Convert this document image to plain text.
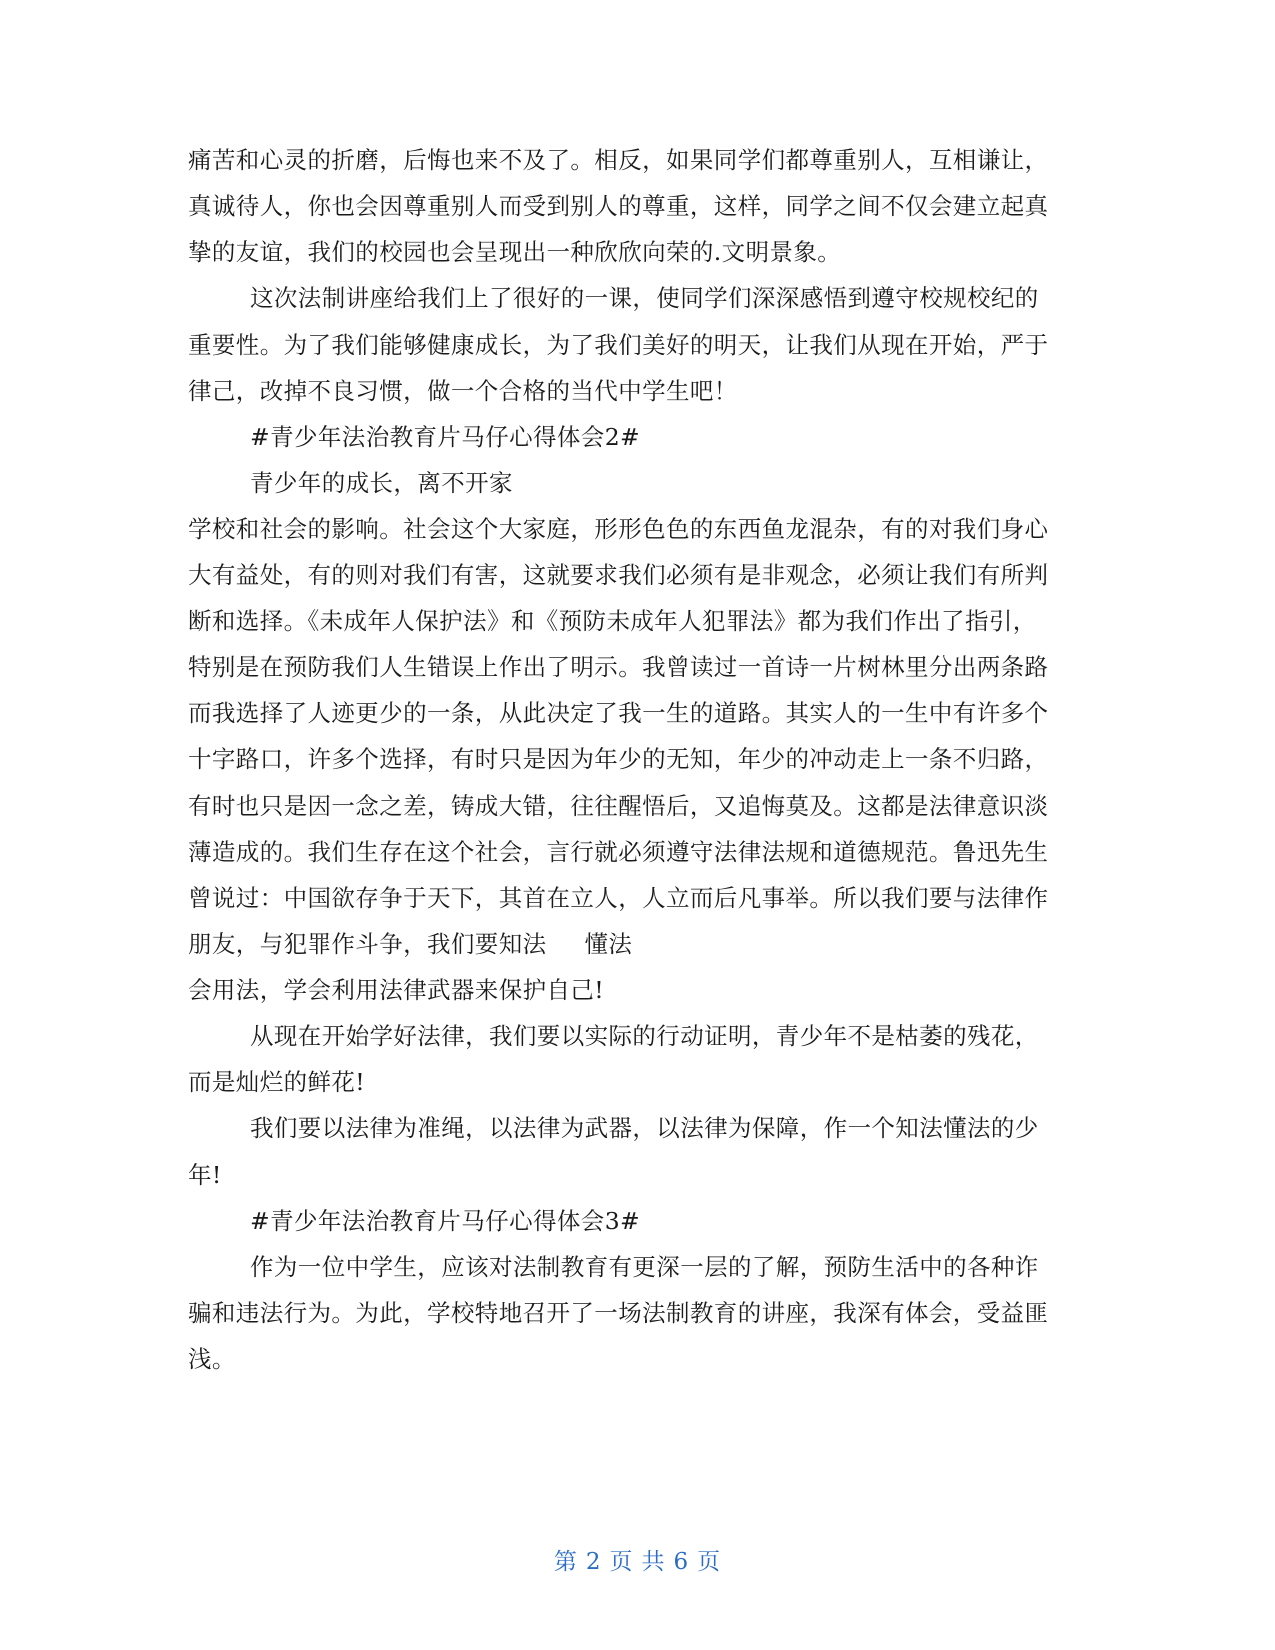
痛苦和心灵的折磨，后悔也来不及了。相反，如果同学们都尊重别人，互相谦让，
真诚待人，你也会因尊重别人而受到别人的尊重，这样，同学之间不仅会建立起真
挚的友谊，我们的校园也会呈现出一种欣欣向荣的.文明景象。
这次法制讲座给我们上了很好的一课，使同学们深深感悟到遵守校规校纪的
重要性。为了我们能够健康成长，为了我们美好的明天，让我们从现在开始，严于
律己，改掉不良习惯，做一个合格的当代中学生吧！
#青少年法治教育片马仔心得体会2#
青少年的成长，离不开家
学校和社会的影响。社会这个大家庭，形形色色的东西鱼龙混杂，有的对我们身心
大有益处，有的则对我们有害，这就要求我们必须有是非观念，必须让我们有所判
断和选择。《未成年人保护法》和《预防未成年人犯罪法》都为我们作出了指引，
特别是在预防我们人生错误上作出了明示。我曾读过一首诗一片树林里分出两条路
而我选择了人迹更少的一条，从此决定了我一生的道路。其实人的一生中有许多个
十字路口，许多个选择，有时只是因为年少的无知，年少的冲动走上一条不归路，
有时也只是因一念之差，铸成大错，往往醒悟后，又追悔莫及。这都是法律意识淡
薄造成的。我们生存在这个社会，言行就必须遵守法律法规和道德规范。鲁迅先生
曾说过：中国欲存争于天下，其首在立人，人立而后凡事举。所以我们要与法律作
朋友，与犯罪作斗争，我们要知法 懂法
会用法，学会利用法律武器来保护自己!
从现在开始学好法律，我们要以实际的行动证明，青少年不是枯萎的残花，
而是灿烂的鲜花!
我们要以法律为准绳，以法律为武器，以法律为保障，作一个知法懂法的少
年!
#青少年法治教育片马仔心得体会3#
作为一位中学生，应该对法制教育有更深一层的了解，预防生活中的各种诈
骗和违法行为。为此，学校特地召开了一场法制教育的讲座，我深有体会，受益匪
浅。
第 2 页 共 6 页
